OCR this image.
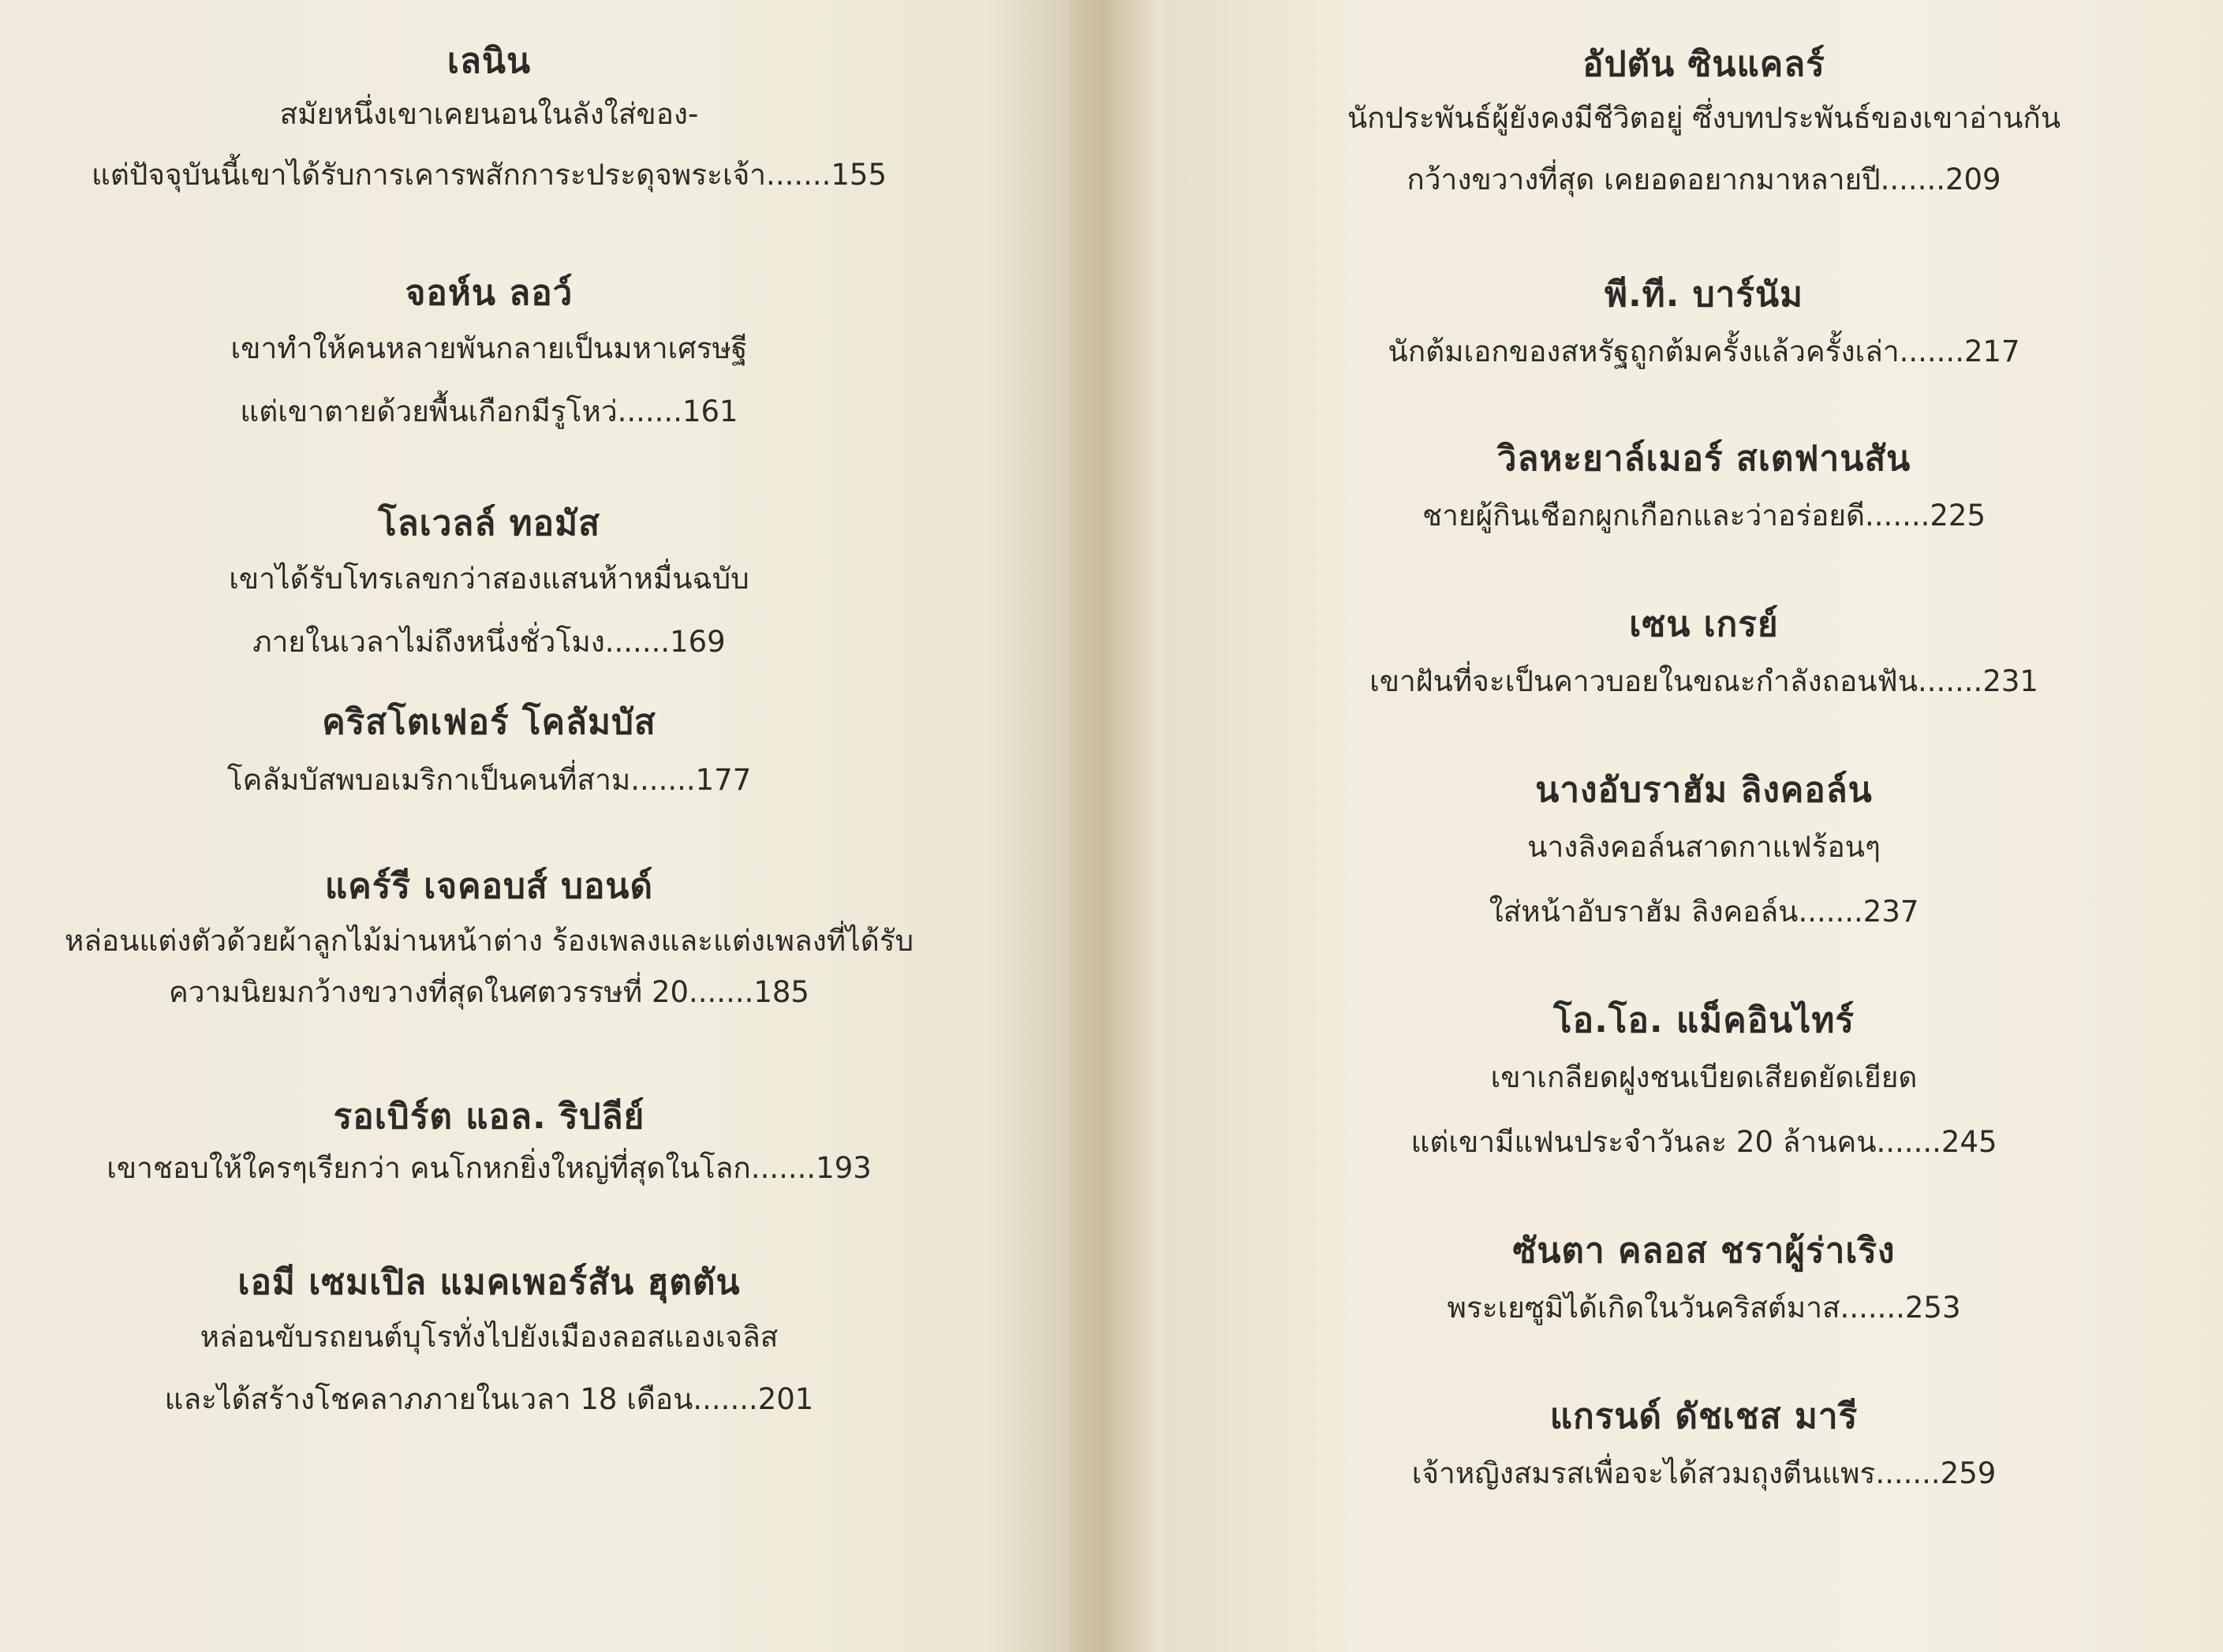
เลนิน
สมัยหนึ่งเขาเคยนอนในลังใส่ของ-
แต่ปัจจุบันนี้เขาได้รับการเคารพสักการะประดุจพระเจ้า.......155
จอห์น ลอว์
เขาทำให้คนหลายพันกลายเป็นมหาเศรษฐี
แต่เขาตายด้วยพื้นเกือกมีรูโหว่.......161
โลเวลล์ ทอมัส
เขาได้รับโทรเลขกว่าสองแสนห้าหมื่นฉบับ
ภายในเวลาไม่ถึงหนึ่งชั่วโมง.......169
คริสโตเฟอร์ โคลัมบัส
โคลัมบัสพบอเมริกาเป็นคนที่สาม.......177
แคร์รี เจคอบส์ บอนด์
หล่อนแต่งตัวด้วยผ้าลูกไม้ม่านหน้าต่าง ร้องเพลงและแต่งเพลงที่ได้รับ
ความนิยมกว้างขวางที่สุดในศตวรรษที่ 20.......185
รอเบิร์ต แอล. ริปลีย์
เขาชอบให้ใครๆเรียกว่า คนโกหกยิ่งใหญ่ที่สุดในโลก.......193
เอมี เซมเปิล แมคเพอร์สัน ฮุตตัน
หล่อนขับรถยนต์บุโรทั่งไปยังเมืองลอสแองเจลิส
และได้สร้างโชคลาภภายในเวลา 18 เดือน.......201
อัปตัน ซินแคลร์
นักประพันธ์ผู้ยังคงมีชีวิตอยู่ ซึ่งบทประพันธ์ของเขาอ่านกัน
กว้างขวางที่สุด เคยอดอยากมาหลายปี.......209
พี.ที. บาร์นัม
นักต้มเอกของสหรัฐถูกต้มครั้งแล้วครั้งเล่า.......217
วิลหะยาล์เมอร์ สเตฟานสัน
ชายผู้กินเชือกผูกเกือกและว่าอร่อยดี.......225
เซน เกรย์
เขาฝันที่จะเป็นคาวบอยในขณะกำลังถอนฟัน.......231
นางอับราฮัม ลิงคอล์น
นางลิงคอล์นสาดกาแฟร้อนๆ
ใส่หน้าอับราฮัม ลิงคอล์น.......237
โอ.โอ. แม็คอินไทร์
เขาเกลียดฝูงชนเบียดเสียดยัดเยียด
แต่เขามีแฟนประจำวันละ 20 ล้านคน.......245
ซันตา คลอส ชราผู้ร่าเริง
พระเยซูมิได้เกิดในวันคริสต์มาส.......253
แกรนด์ ดัชเชส มารี
เจ้าหญิงสมรสเพื่อจะได้สวมถุงตีนแพร.......259
